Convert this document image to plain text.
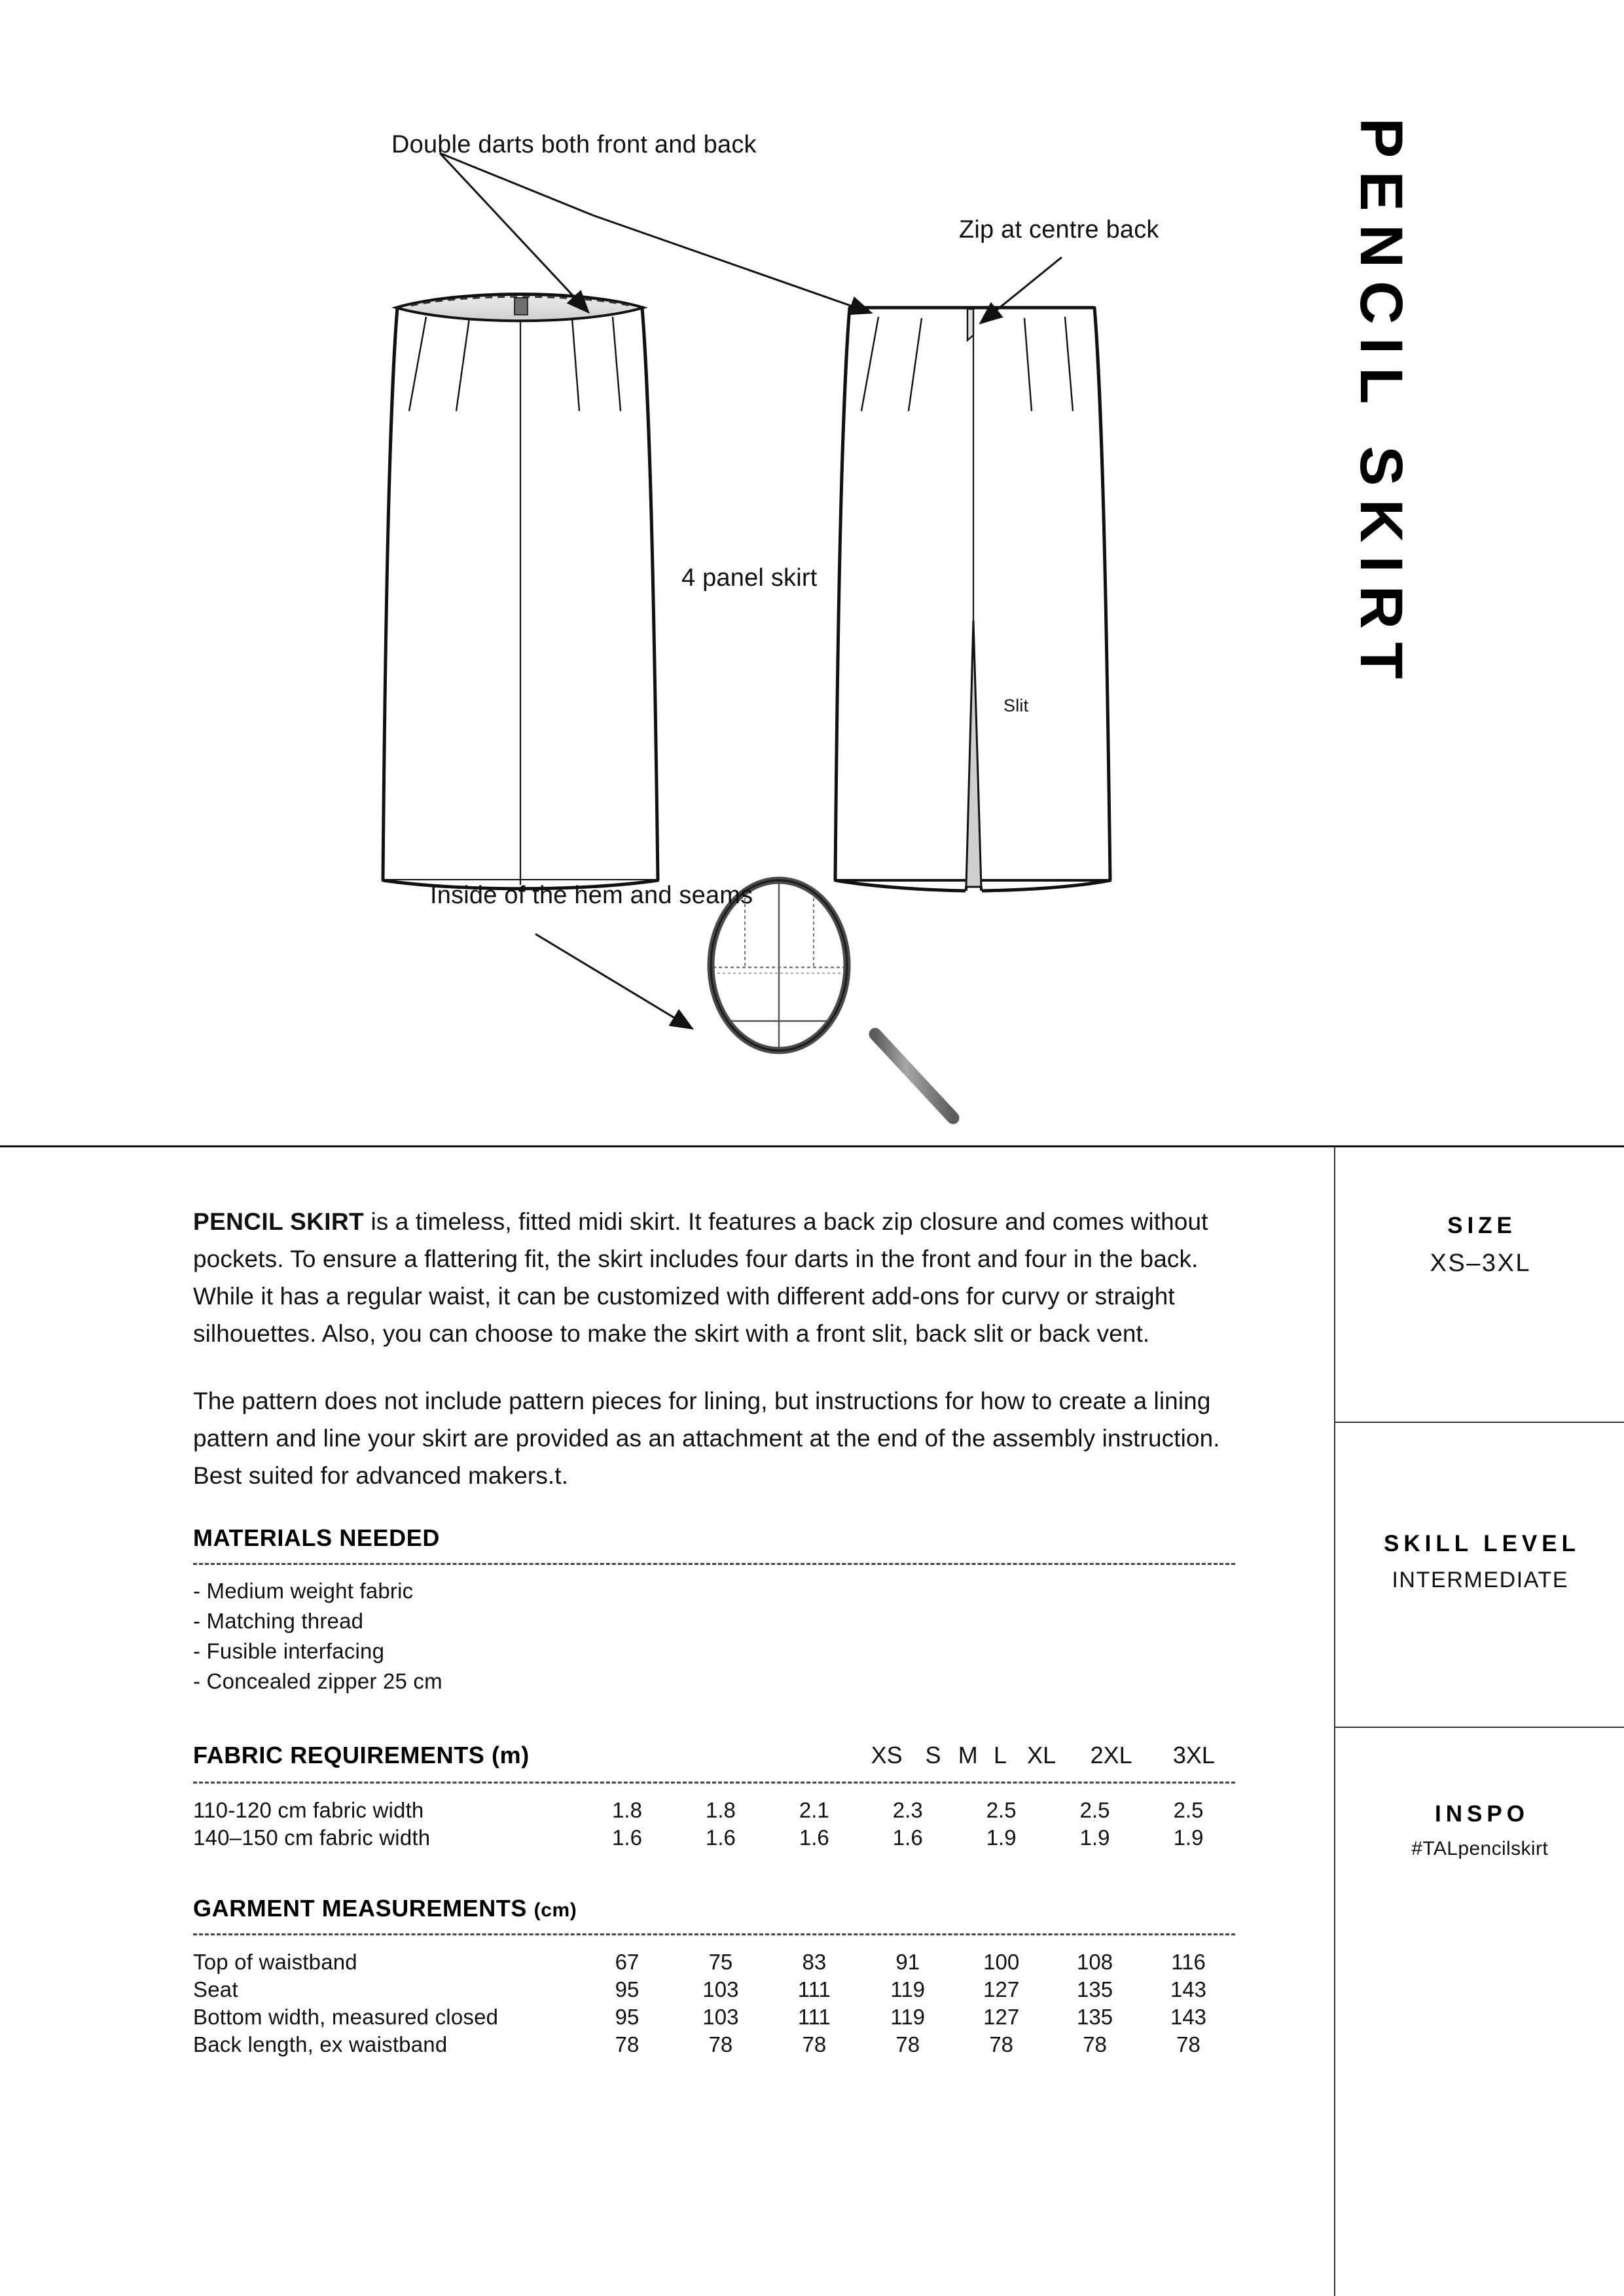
PENCIL SKIRT
Double darts both front and back
Zip at centre back
4 panel skirt
Slit
Inside of the hem and seams

PENCIL SKIRT is a timeless, fitted midi skirt. It features a back zip closure and comes without pockets. To ensure a flattering fit, the skirt includes four darts in the front and four in the back. While it has a regular waist, it can be customized with different add-ons for curvy or straight silhouettes. Also, you can choose to make the skirt with a front slit, back slit or back vent.

The pattern does not include pattern pieces for lining, but instructions for how to create a lining pattern and line your skirt are provided as an attachment at the end of the assembly instruction. Best suited for advanced makers.t.

MATERIALS NEEDED
- Medium weight fabric
- Matching thread
- Fusible interfacing
- Concealed zipper 25 cm
FABRIC REQUIREMENTS (m)	XS	S	M	L	XL	2XL	3XL
110-120 cm fabric width	1.8	1.8	2.1	2.3	2.5	2.5	2.5
140–150 cm fabric width	1.6	1.6	1.6	1.6	1.9	1.9	1.9
GARMENT MEASUREMENTS (cm)
Top of waistband	67	75	83	91	100	108	116
Seat	95	103	111	119	127	135	143
Bottom width, measured closed	95	103	111	119	127	135	143
Back length, ex waistband	78	78	78	78	78	78	78
SIZE
XS–3XL
SKILL LEVEL
INTERMEDIATE
INSPO
#TALpencilskirt
